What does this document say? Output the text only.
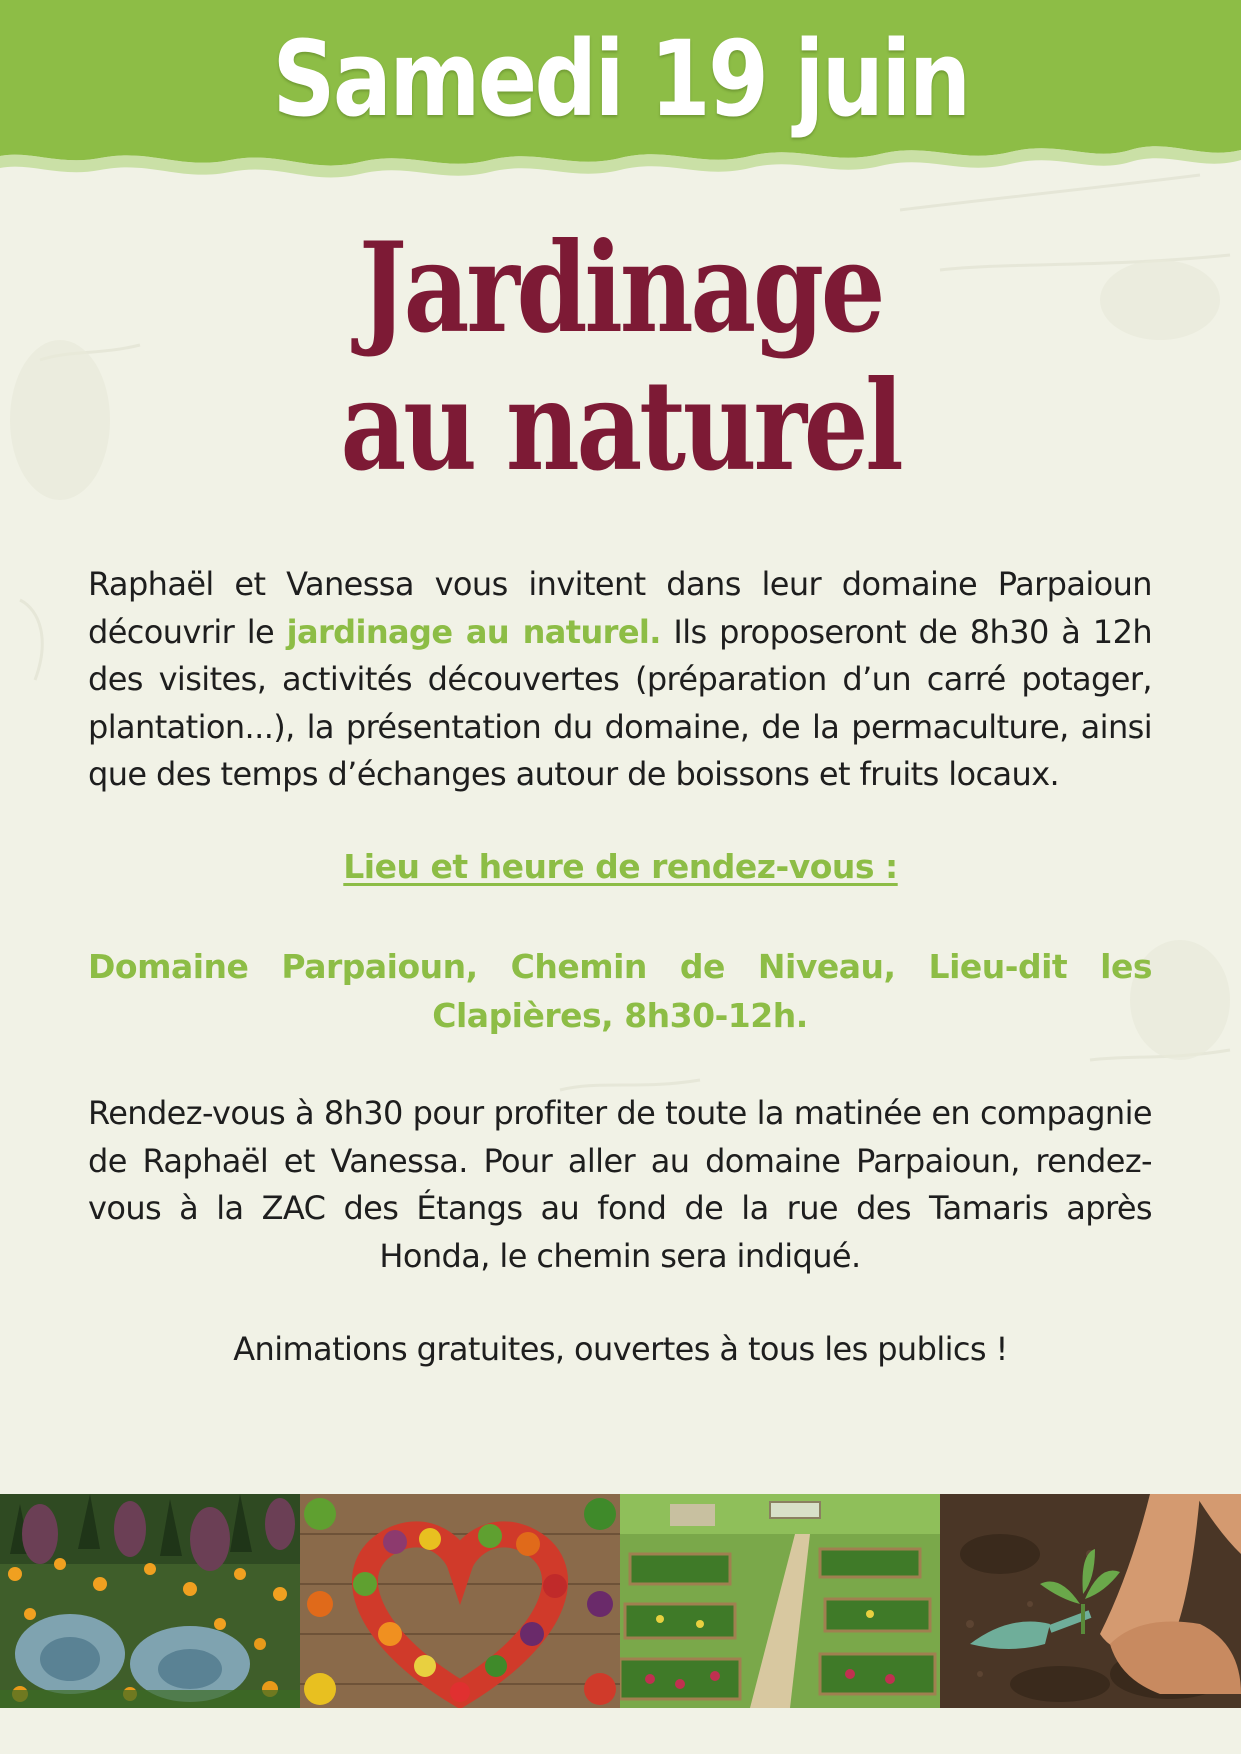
Samedi 19 juin
Jardinage
au naturel
Raphaël et Vanessa vous invitent dans leur domaine Parpaioun découvrir le jardinage au naturel. Ils proposeront de 8h30 à 12h des visites, activités découvertes (préparation d’un carré potager, plantation...), la présentation du domaine, de la permaculture, ainsi que des temps d’échanges autour de boissons et fruits locaux.
Lieu et heure de rendez-vous :
Domaine Parpaioun, Chemin de Niveau, Lieu-dit les Clapières, 8h30-12h.
Rendez-vous à 8h30 pour profiter de toute la matinée en compagnie de Raphaël et Vanessa. Pour aller au domaine Parpaioun, rendez-vous à la ZAC des Étangs au fond de la rue des Tamaris après Honda, le chemin sera indiqué.
Animations gratuites, ouvertes à tous les publics !
